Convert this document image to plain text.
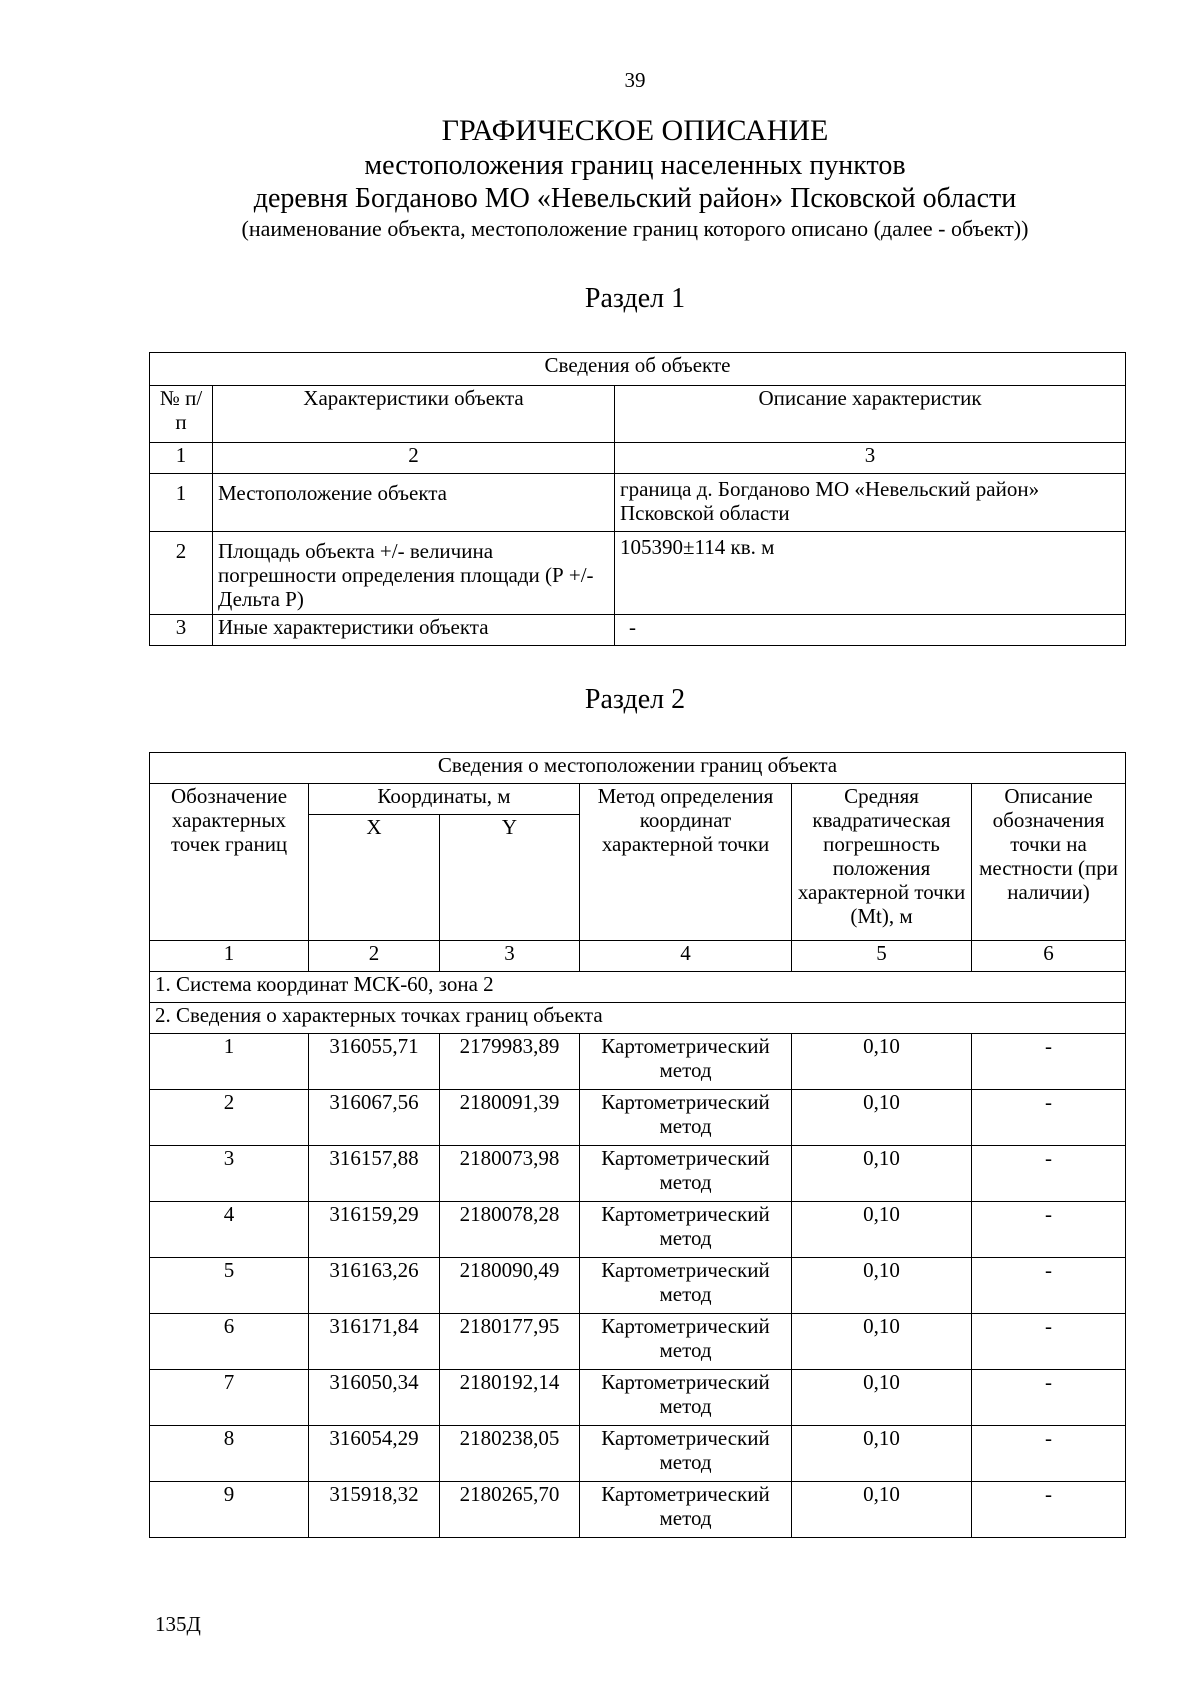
39
ГРАФИЧЕСКОЕ ОПИСАНИЕ
местоположения границ населенных пунктов
деревня Богданово МО «Невельский район» Псковской области
(наименование объекта, местоположение границ которого описано (далее - объект))
Раздел 1
Сведения об объекте		
№ п/п	Характеристики объекта	Описание характеристик
1	2	3
1	Местоположение объекта	граница д. Богданово МО «Невельский район» Псковской области
2	Площадь объекта +/- величина погрешности определения площади (Р +/- Дельта Р)	105390±114 кв. м
3	Иные характеристики объекта	-
Раздел 2
Сведения о местоположении границ объекта					
Обозначение характерных точек границ	Координаты, м		Метод определения координат характерной точки	Средняя квадратическая погрешность положения характерной точки (Mt), м	Описание обозначения точки на местности (при наличии)
	X	Y			
1	2	3	4	5	6
1. Система координат МСК-60, зона 2					
2. Сведения о характерных точках границ объекта					
1	316055,71	2179983,89	Картометрический метод	0,10	-
2	316067,56	2180091,39	Картометрический метод	0,10	-
3	316157,88	2180073,98	Картометрический метод	0,10	-
4	316159,29	2180078,28	Картометрический метод	0,10	-
5	316163,26	2180090,49	Картометрический метод	0,10	-
6	316171,84	2180177,95	Картометрический метод	0,10	-
7	316050,34	2180192,14	Картометрический метод	0,10	-
8	316054,29	2180238,05	Картометрический метод	0,10	-
9	315918,32	2180265,70	Картометрический метод	0,10	-
135Д
